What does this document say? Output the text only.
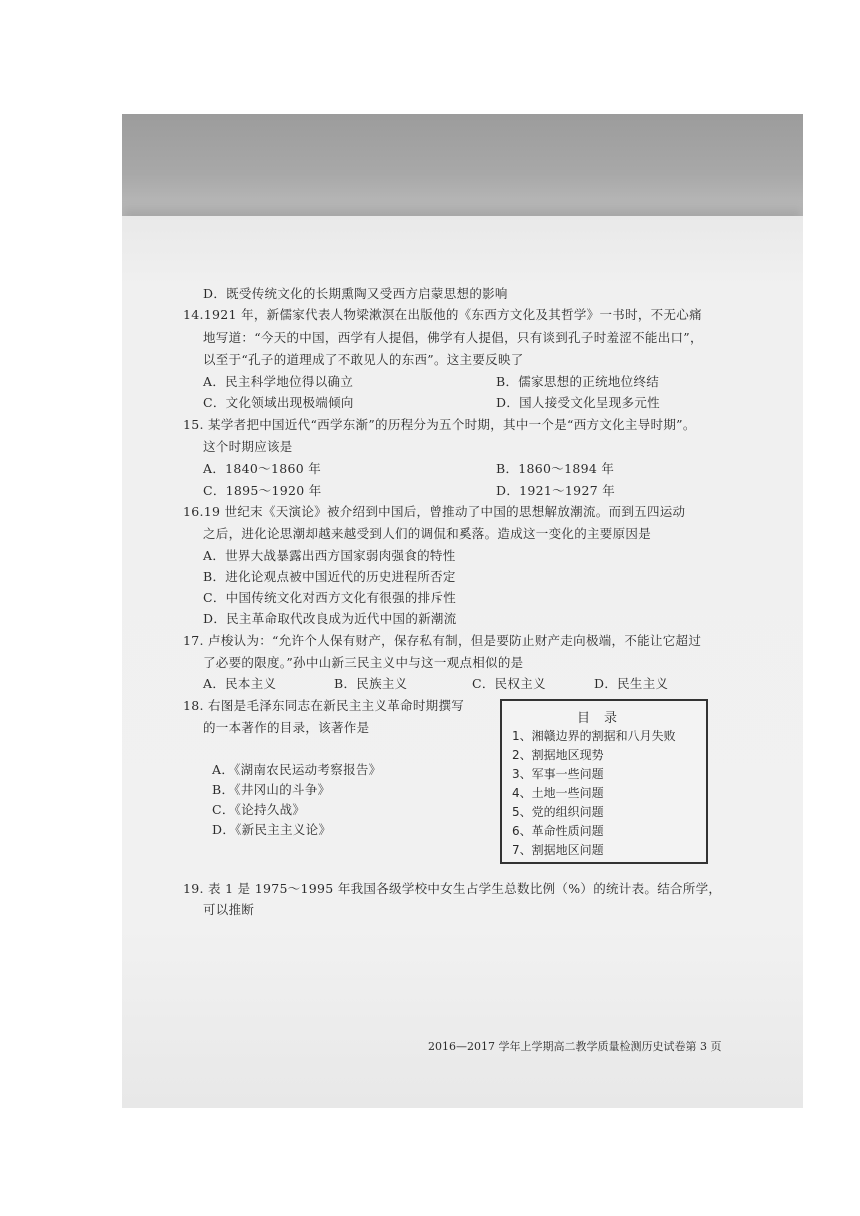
D．既受传统文化的长期熏陶又受西方启蒙思想的影响
14.1921 年，新儒家代表人物梁漱溟在出版他的《东西方文化及其哲学》一书时，不无心痛
地写道：“今天的中国，西学有人提倡，佛学有人提倡，只有谈到孔子时羞涩不能出口”，
以至于“孔子的道理成了不敢见人的东西”。这主要反映了
A．民主科学地位得以确立	B．儒家思想的正统地位终结
C．文化领域出现极端倾向	D．国人接受文化呈现多元性
15. 某学者把中国近代“西学东渐”的历程分为五个时期，其中一个是“西方文化主导时期”。
这个时期应该是
A．1840～1860 年	B．1860～1894 年
C．1895～1920 年	D．1921～1927 年
16.19 世纪末《天演论》被介绍到中国后，曾推动了中国的思想解放潮流。而到五四运动
之后，进化论思潮却越来越受到人们的调侃和奚落。造成这一变化的主要原因是
A．世界大战暴露出西方国家弱肉强食的特性
B．进化论观点被中国近代的历史进程所否定
C．中国传统文化对西方文化有很强的排斥性
D．民主革命取代改良成为近代中国的新潮流
17. 卢梭认为：“允许个人保有财产，保存私有制，但是要防止财产走向极端，不能让它超过
了必要的限度。”孙中山新三民主义中与这一观点相似的是
A．民本主义	B．民族主义	C．民权主义	D．民生主义
18. 右图是毛泽东同志在新民主主义革命时期撰写
的一本著作的目录，该著作是
A．《湖南农民运动考察报告》
B．《井冈山的斗争》
C．《论持久战》
D．《新民主主义论》
目录
1、湘赣边界的割据和八月失败
2、割据地区现势
3、军事一些问题
4、土地一些问题
5、党的组织问题
6、革命性质问题
7、割据地区问题
19. 表 1 是 1975～1995 年我国各级学校中女生占学生总数比例（%）的统计表。结合所学，
可以推断
2016—2017 学年上学期高二教学质量检测历史试卷第 3 页
